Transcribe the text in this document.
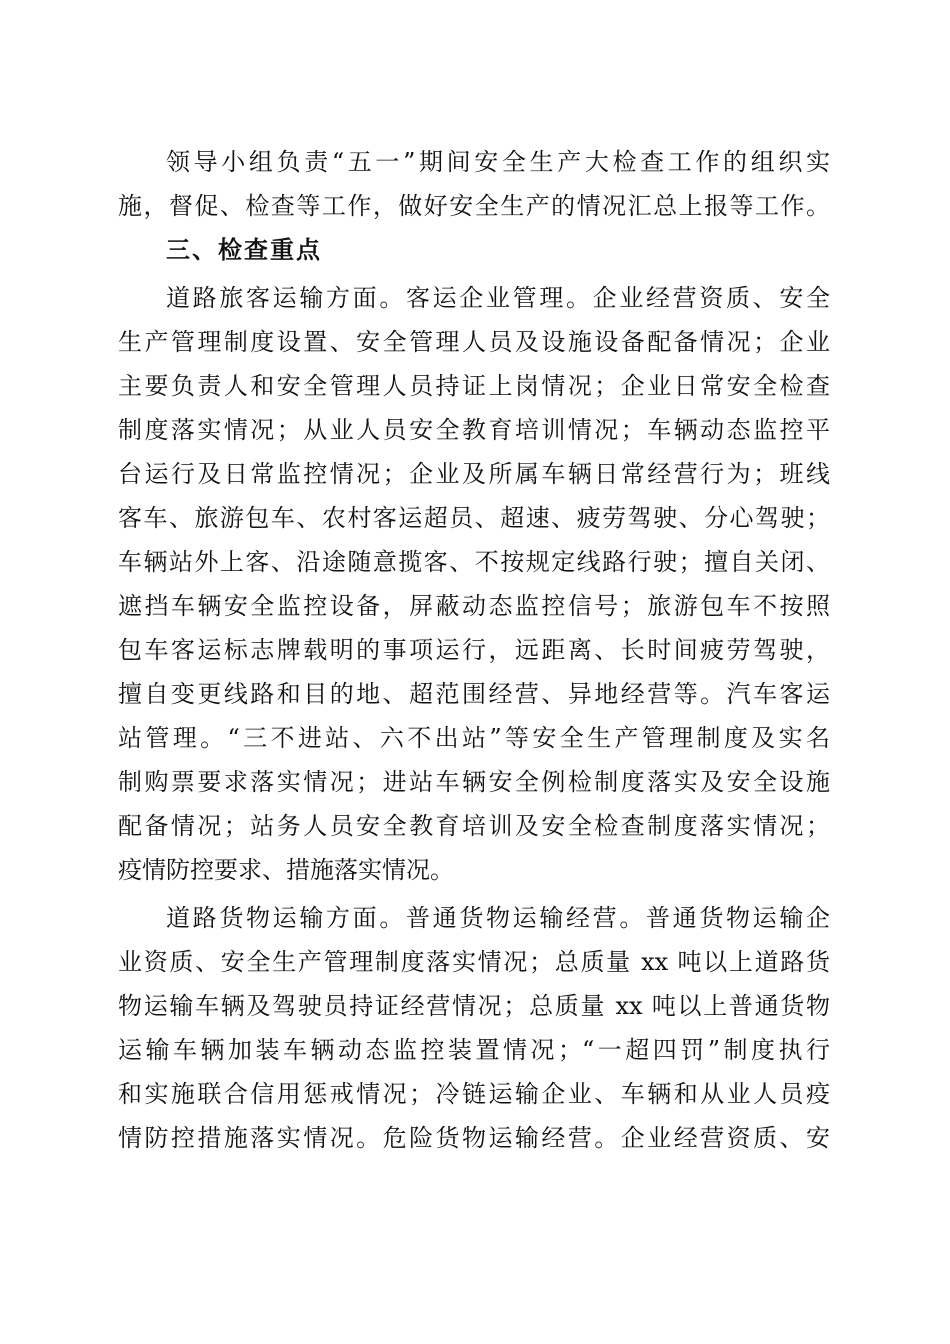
领导小组负责“五一”期间安全生产大检查工作的组织实
施，督促、检查等工作，做好安全生产的情况汇总上报等工作。
三、检查重点
道路旅客运输方面。客运企业管理。企业经营资质、安全
生产管理制度设置、安全管理人员及设施设备配备情况；企业
主要负责人和安全管理人员持证上岗情况；企业日常安全检查
制度落实情况；从业人员安全教育培训情况；车辆动态监控平
台运行及日常监控情况；企业及所属车辆日常经营行为；班线
客车、旅游包车、农村客运超员、超速、疲劳驾驶、分心驾驶；
车辆站外上客、沿途随意揽客、不按规定线路行驶；擅自关闭、
遮挡车辆安全监控设备，屏蔽动态监控信号；旅游包车不按照
包车客运标志牌载明的事项运行，远距离、长时间疲劳驾驶，
擅自变更线路和目的地、超范围经营、异地经营等。汽车客运
站管理。“三不进站、六不出站”等安全生产管理制度及实名
制购票要求落实情况；进站车辆安全例检制度落实及安全设施
配备情况；站务人员安全教育培训及安全检查制度落实情况；
疫情防控要求、措施落实情况。
道路货物运输方面。普通货物运输经营。普通货物运输企
业资质、安全生产管理制度落实情况；总质量 xx 吨以上道路货
物运输车辆及驾驶员持证经营情况；总质量 xx 吨以上普通货物
运输车辆加装车辆动态监控装置情况；“一超四罚”制度执行
和实施联合信用惩戒情况；冷链运输企业、车辆和从业人员疫
情防控措施落实情况。危险货物运输经营。企业经营资质、安
